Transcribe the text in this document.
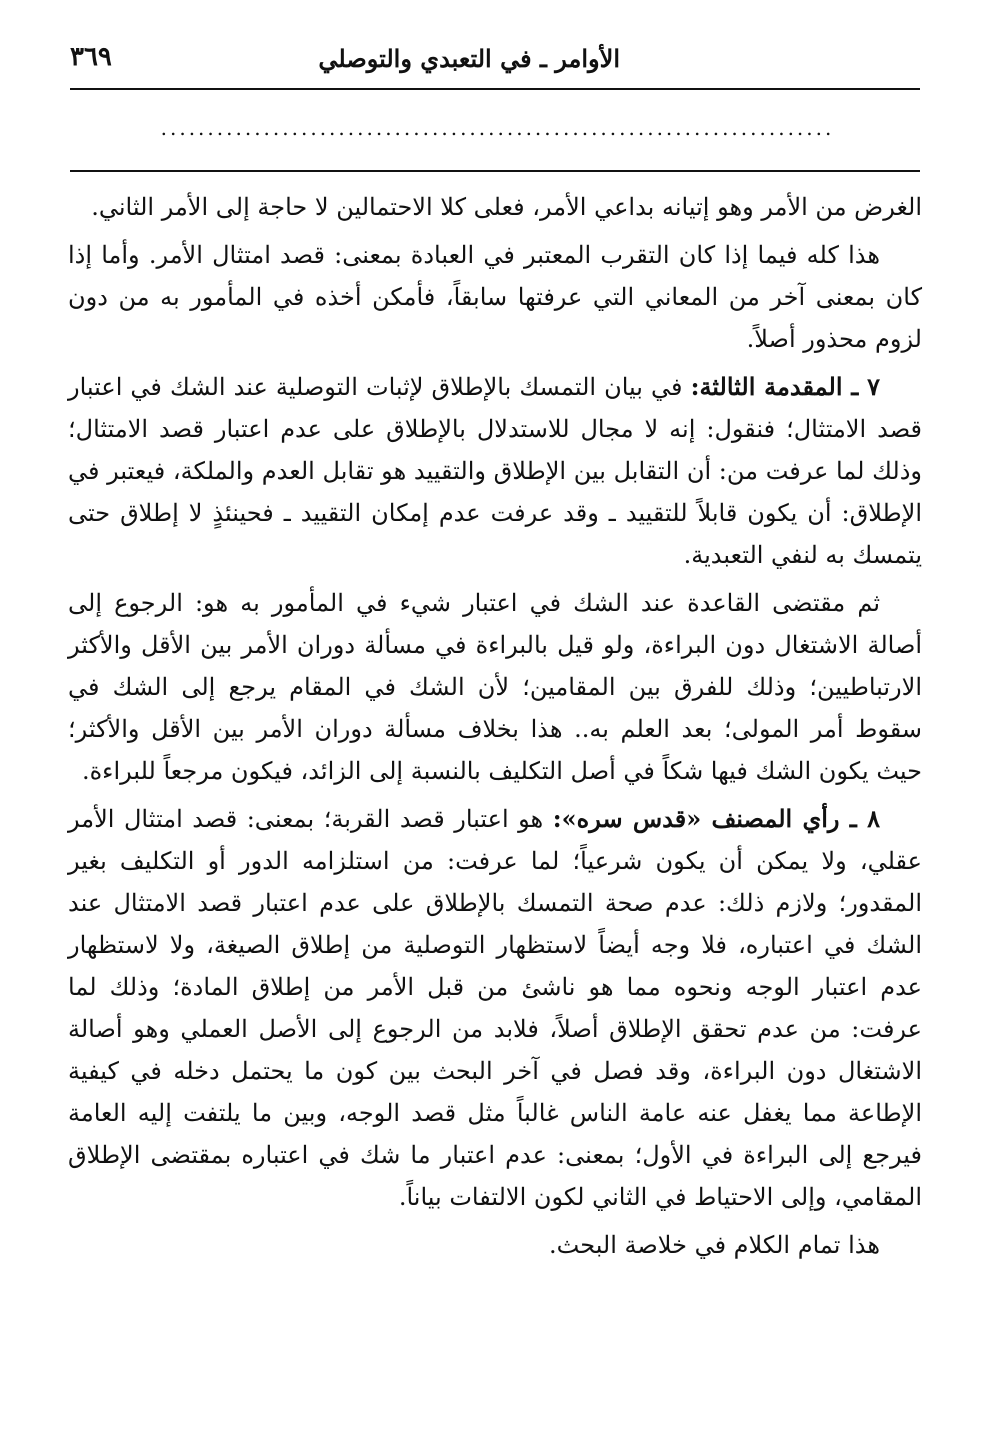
الأوامر ـ في التعبدي والتوصلي
٣٦٩
........................................................................

الغرض من الأمر وهو إتيانه بداعي الأمر، فعلى كلا الاحتمالين لا حاجة إلى الأمر الثاني.

هذا كله فيما إذا كان التقرب المعتبر في العبادة بمعنى: قصد امتثال الأمر. وأما إذا كان بمعنى آخر من المعاني التي عرفتها سابقاً، فأمكن أخذه في المأمور به من دون لزوم محذور أصلاً.

٧ ـ المقدمة الثالثة: في بيان التمسك بالإطلاق لإثبات التوصلية عند الشك في اعتبار قصد الامتثال؛ فنقول: إنه لا مجال للاستدلال بالإطلاق على عدم اعتبار قصد الامتثال؛ وذلك لما عرفت من: أن التقابل بين الإطلاق والتقييد هو تقابل العدم والملكة، فيعتبر في الإطلاق: أن يكون قابلاً للتقييد ـ وقد عرفت عدم إمكان التقييد ـ فحينئذٍ لا إطلاق حتى يتمسك به لنفي التعبدية.

ثم مقتضى القاعدة عند الشك في اعتبار شيء في المأمور به هو: الرجوع إلى أصالة الاشتغال دون البراءة، ولو قيل بالبراءة في مسألة دوران الأمر بين الأقل والأكثر الارتباطيين؛ وذلك للفرق بين المقامين؛ لأن الشك في المقام يرجع إلى الشك في سقوط أمر المولى؛ بعد العلم به.. هذا بخلاف مسألة دوران الأمر بين الأقل والأكثر؛ حيث يكون الشك فيها شكاً في أصل التكليف بالنسبة إلى الزائد، فيكون مرجعاً للبراءة.

٨ ـ رأي المصنف «قدس سره»: هو اعتبار قصد القربة؛ بمعنى: قصد امتثال الأمر عقلي، ولا يمكن أن يكون شرعياً؛ لما عرفت: من استلزامه الدور أو التكليف بغير المقدور؛ ولازم ذلك: عدم صحة التمسك بالإطلاق على عدم اعتبار قصد الامتثال عند الشك في اعتباره، فلا وجه أيضاً لاستظهار التوصلية من إطلاق الصيغة، ولا لاستظهار عدم اعتبار الوجه ونحوه مما هو ناشئ من قبل الأمر من إطلاق المادة؛ وذلك لما عرفت: من عدم تحقق الإطلاق أصلاً، فلابد من الرجوع إلى الأصل العملي وهو أصالة الاشتغال دون البراءة، وقد فصل في آخر البحث بين كون ما يحتمل دخله في كيفية الإطاعة مما يغفل عنه عامة الناس غالباً مثل قصد الوجه، وبين ما يلتفت إليه العامة فيرجع إلى البراءة في الأول؛ بمعنى: عدم اعتبار ما شك في اعتباره بمقتضى الإطلاق المقامي، وإلى الاحتياط في الثاني لكون الالتفات بياناً.

هذا تمام الكلام في خلاصة البحث.
